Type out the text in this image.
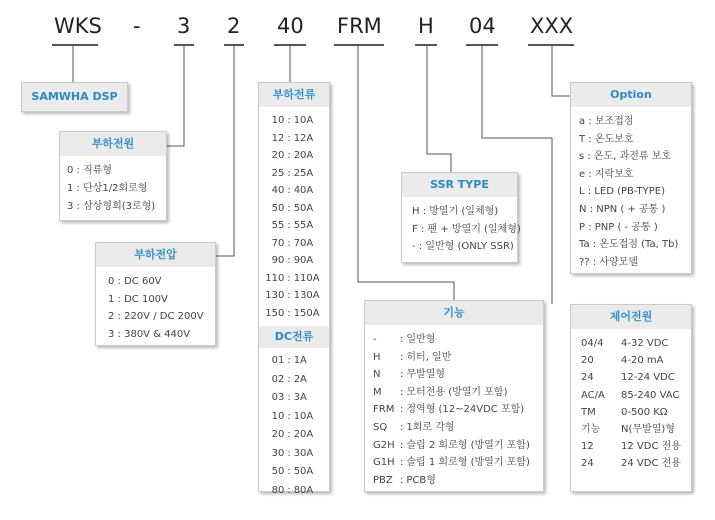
WKS - 3 2 40 FRM H 04 XXX
SAMWHA DSP
부하전원
0 : 직류형
1 : 단상1/2회로형
3 : 삼상형회(3로형)
부하전압
0 : DC 60V
1 : DC 100V
2 : 220V / DC 200V
3 : 380V & 440V
부하전류
10 : 10A
12 : 12A
20 : 20A
25 : 25A
40 : 40A
50 : 50A
55 : 55A
70 : 70A
90 : 90A
110 : 110A
130 : 130A
150 : 150A
DC전류
01 : 1A
02 : 2A
03 : 3A
10 : 10A
20 : 20A
30 : 30A
50 : 50A
80 : 80A
SSR TYPE
H : 방열기 (일체형)
F : 팬 + 방열기 (일체형)
- : 일반형 (ONLY SSR)
기능
-	: 일반형
H	: 히터, 일반
N	: 무발열형
M	: 모터전용 (방열기 포함)
FRM : 정역형 (12~24VDC 포함)
SQ	: 1회로 각형
G2H : 슬립 2 회로형 (방열기 포함)
G1H : 슬립 1 회로형 (방열기 포함)
PBZ : PCB형
Option
a : 보조접점
T : 온도보호
s : 온도, 과전류 보호
e : 지락보호
L : LED (PB-TYPE)
N : NPN ( + 공통 )
P : PNP ( - 공통 )
Ta : 온도접점 (Ta, Tb)
?? : 사양모델
제어전원
04/4	4-32 VDC
20	4-20 mA
24	12-24 VDC
AC/A	85-240 VAC
TM	0-500 KΩ
기능	N(무발열)형
12	12 VDC 전용
24	24 VDC 전용
